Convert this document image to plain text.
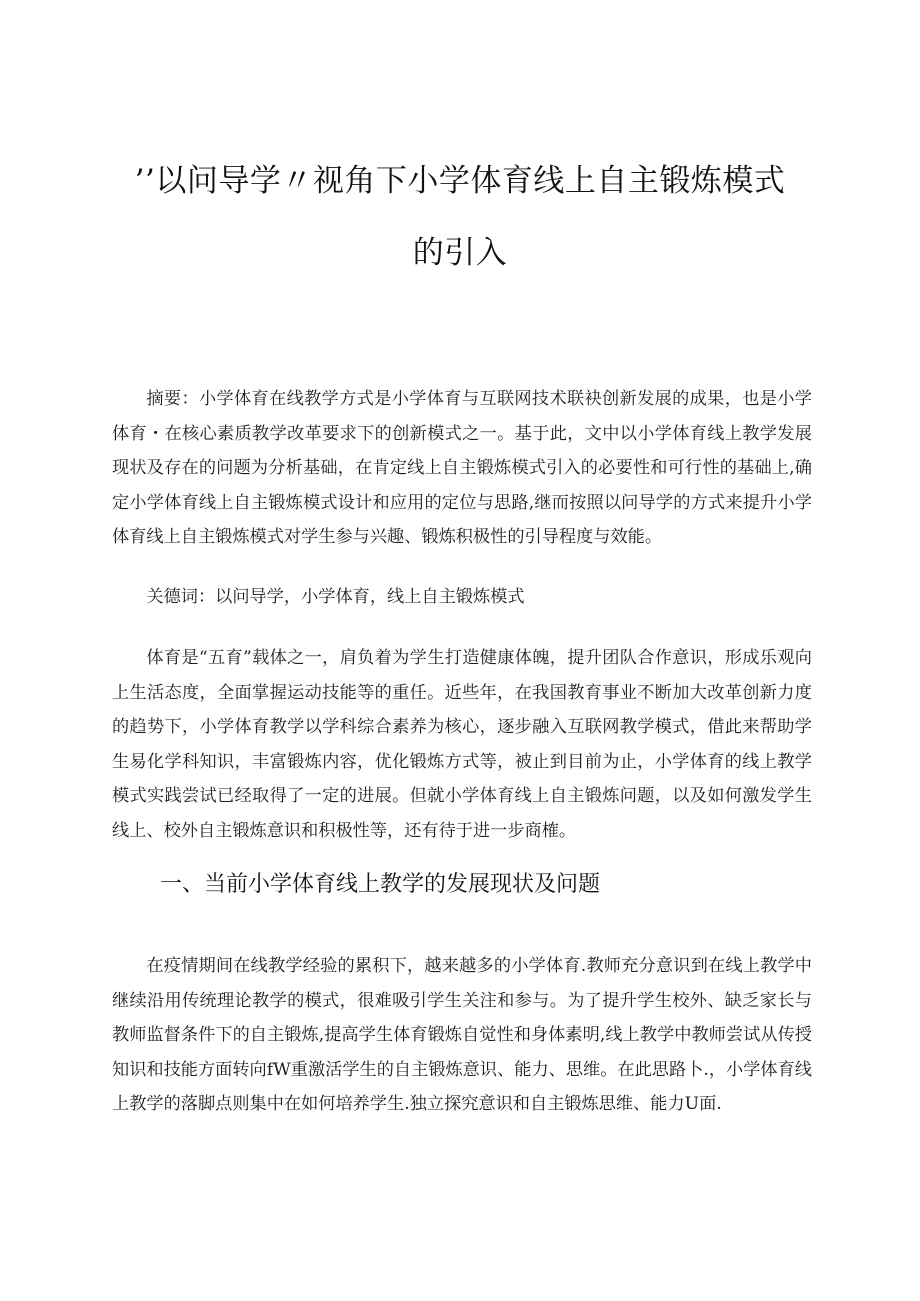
’’以问导学〃视角下小学体育线上自主锻炼模式
的引入

摘要：小学体育在线教学方式是小学体育与互联网技术联袂创新发展的成果，也是小学体育・在核心素质教学改革要求下的创新模式之一。基于此，文中以小学体育线上教学发展现状及存在的问题为分析基础，在肯定线上自主锻炼模式引入的必要性和可行性的基础上,确定小学体育线上自主锻炼模式设计和应用的定位与思路,继而按照以问导学的方式来提升小学体育线上自主锻炼模式对学生参与兴趣、锻炼积极性的引导程度与效能。

关德词：以问导学，小学体育，线上自主锻炼模式

体育是“五育”载体之一，肩负着为学生打造健康体魄，提升团队合作意识，形成乐观向上生活态度，全面掌握运动技能等的重任。近些年，在我国教育事业不断加大改革创新力度的趋势下，小学体育教学以学科综合素养为核心，逐步融入互联网教学模式，借此来帮助学生易化学科知识，丰富锻炼内容，优化锻炼方式等，被止到目前为止，小学体育的线上教学模式实践尝试已经取得了一定的进展。但就小学体育线上自主锻炼问题，以及如何激发学生线上、校外自主锻炼意识和积极性等，还有待于进一步商榷。

一、当前小学体育线上教学的发展现状及问题

在疫情期间在线教学经验的累积下，越来越多的小学体育.教师充分意识到在线上教学中继续沿用传统理论教学的模式，很难吸引学生关注和参与。为了提升学生校外、缺乏家长与教师监督条件下的自主锻炼,提高学生体育锻炼自觉性和身体素明,线上教学中教师尝试从传授知识和技能方面转向fW重激活学生的自主锻炼意识、能力、思维。在此思路卜.，小学体育线上教学的落脚点则集中在如何培养学生.独立探究意识和自主锻炼思维、能力U面.
